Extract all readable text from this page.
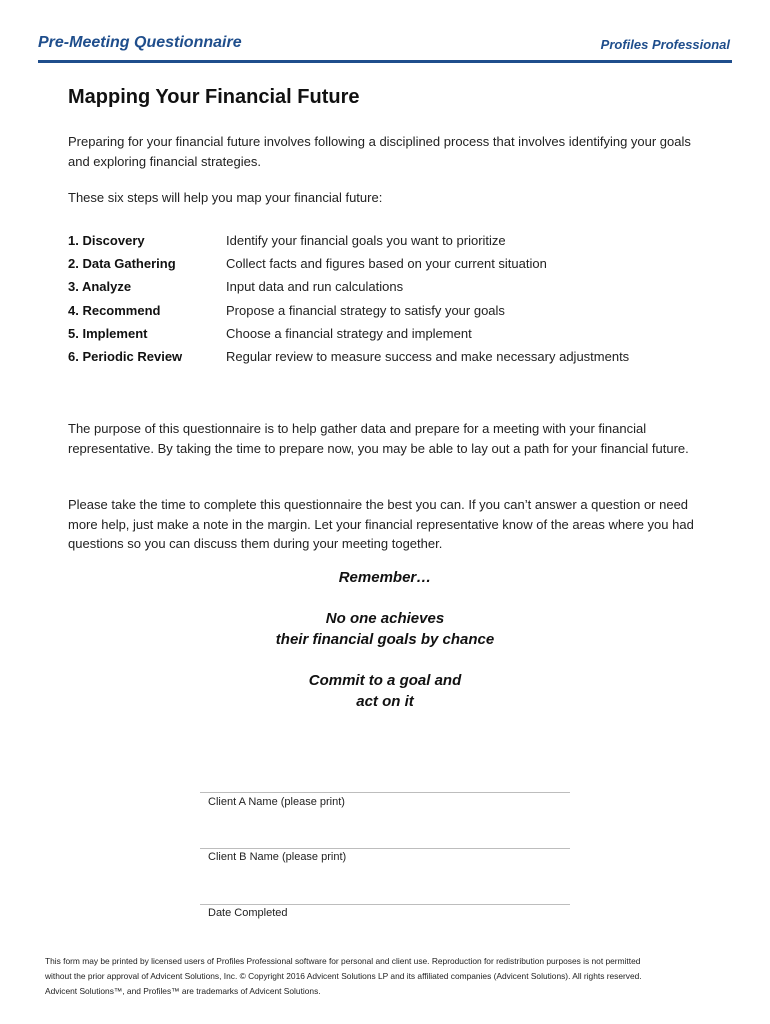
Pre-Meeting Questionnaire	Profiles Professional
Mapping Your Financial Future
Preparing for your financial future involves following a disciplined process that involves identifying your goals and exploring financial strategies.
These six steps will help you map your financial future:
1. Discovery	Identify your financial goals you want to prioritize
2. Data Gathering	Collect facts and figures based on your current situation
3. Analyze	Input data and run calculations
4. Recommend	Propose a financial strategy to satisfy your goals
5. Implement	Choose a financial strategy and implement
6. Periodic Review	Regular review to measure success and make necessary adjustments
The purpose of this questionnaire is to help gather data and prepare for a meeting with your financial representative. By taking the time to prepare now, you may be able to lay out a path for your financial future.
Please take the time to complete this questionnaire the best you can. If you can’t answer a question or need more help, just make a note in the margin. Let your financial representative know of the areas where you had questions so you can discuss them during your meeting together.
Remember…
No one achieves
their financial goals by chance
Commit to a goal and
act on it
Client A Name (please print)
Client B Name (please print)
Date Completed
This form may be printed by licensed users of Profiles Professional software for personal and client use. Reproduction for redistribution purposes is not permitted
without the prior approval of Advicent Solutions, Inc. © Copyright 2016 Advicent Solutions LP and its affiliated companies (Advicent Solutions). All rights reserved.
Advicent Solutions™, and Profiles™ are trademarks of Advicent Solutions.
